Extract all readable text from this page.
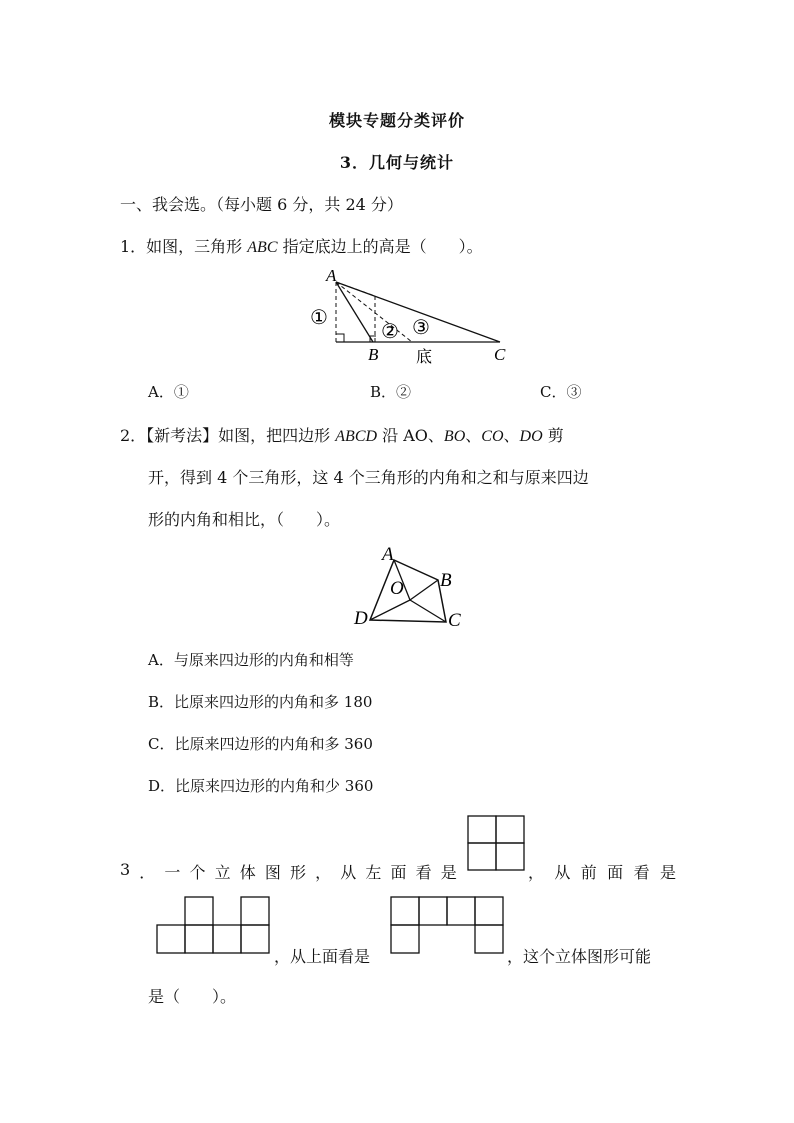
模块专题分类评价
3．几何与统计
一、我会选。（每小题 6 分，共 24 分）
1．如图，三角形 ABC 指定底边上的高是（　　）。
A
B	C
①
② ③
底
A．①	B．②	C．③
2．【新考法】如图，把四边形 ABCD 沿 AO、BO、CO、DO 剪
开，得到 4 个三角形，这 4 个三角形的内角和之和与原来四边
形的内角和相比，（　　）。
A
B
C
D
O
A．与原来四边形的内角和相等
B．比原来四边形的内角和多 180
C．比原来四边形的内角和多 360
D．比原来四边形的内角和少 360
3 ． 一 个 立 体 图 形 ， 从 左 面 看 是	， 从 前 面 看 是
，从上面看是	，这个立体图形可能
是（　　）。
